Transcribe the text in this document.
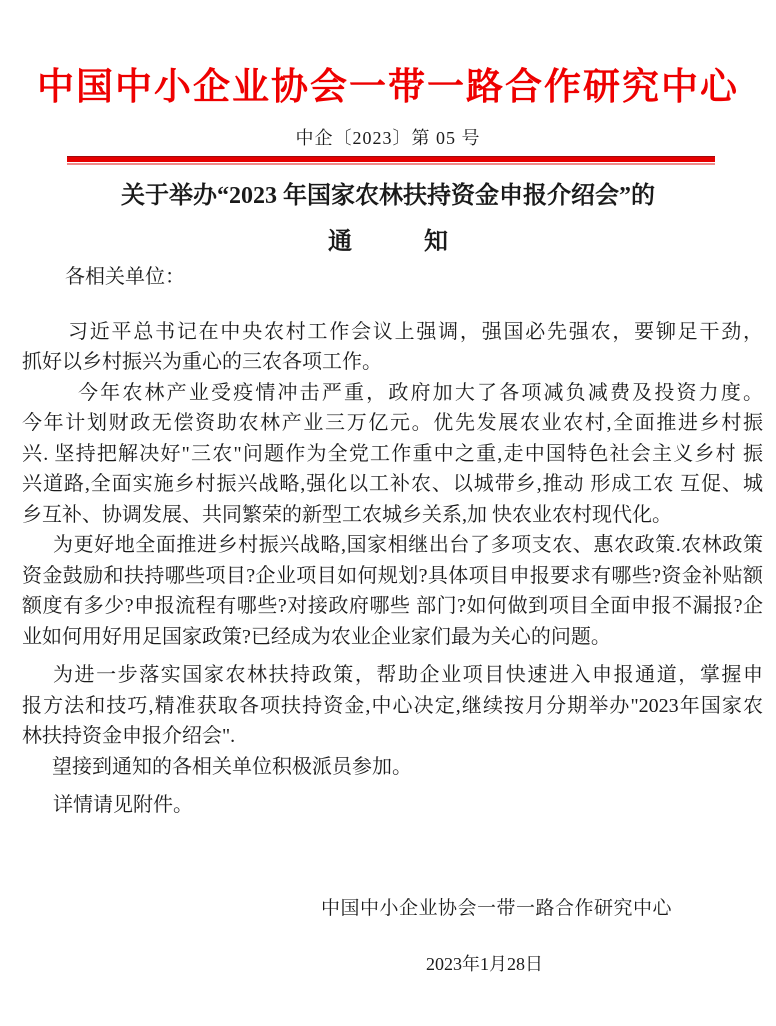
中国中小企业协会一带一路合作研究中心
中企〔2023〕第 05 号
关于举办“2023 年国家农林扶持资金申报介绍会”的
通　　　知
各相关单位：
习近平总书记在中央农村工作会议上强调，强国必先强农，要铆足干劲，
抓好以乡村振兴为重心的三农各项工作。
今年农林产业受疫情冲击严重，政府加大了各项减负减费及投资力度。
今年计划财政无偿资助农林产业三万亿元。优先发展农业农村,全面推进乡村振
兴. 坚持把解决好"三农"问题作为全党工作重中之重,走中国特色社会主义乡村 振
兴道路,全面实施乡村振兴战略,强化以工补农、以城带乡,推动 形成工农 互促、城
乡互补、协调发展、共同繁荣的新型工农城乡关系,加 快农业农村现代化。
为更好地全面推进乡村振兴战略,国家相继出台了多项支农、惠农政策.农林政策
资金鼓励和扶持哪些项目?企业项目如何规划?具体项目申报要求有哪些?资金补贴额
额度有多少?申报流程有哪些?对接政府哪些 部门?如何做到项目全面申报不漏报?企
业如何用好用足国家政策?已经成为农业企业家们最为关心的问题。
为进一步落实国家农林扶持政策，帮助企业项目快速进入申报通道，掌握申
报方法和技巧,精准获取各项扶持资金,中心决定,继续按月分期举办"2023年国家农
林扶持资金申报介绍会".
望接到通知的各相关单位积极派员参加。
详情请见附件。
中国中小企业协会一带一路合作研究中心
2023年1月28日
